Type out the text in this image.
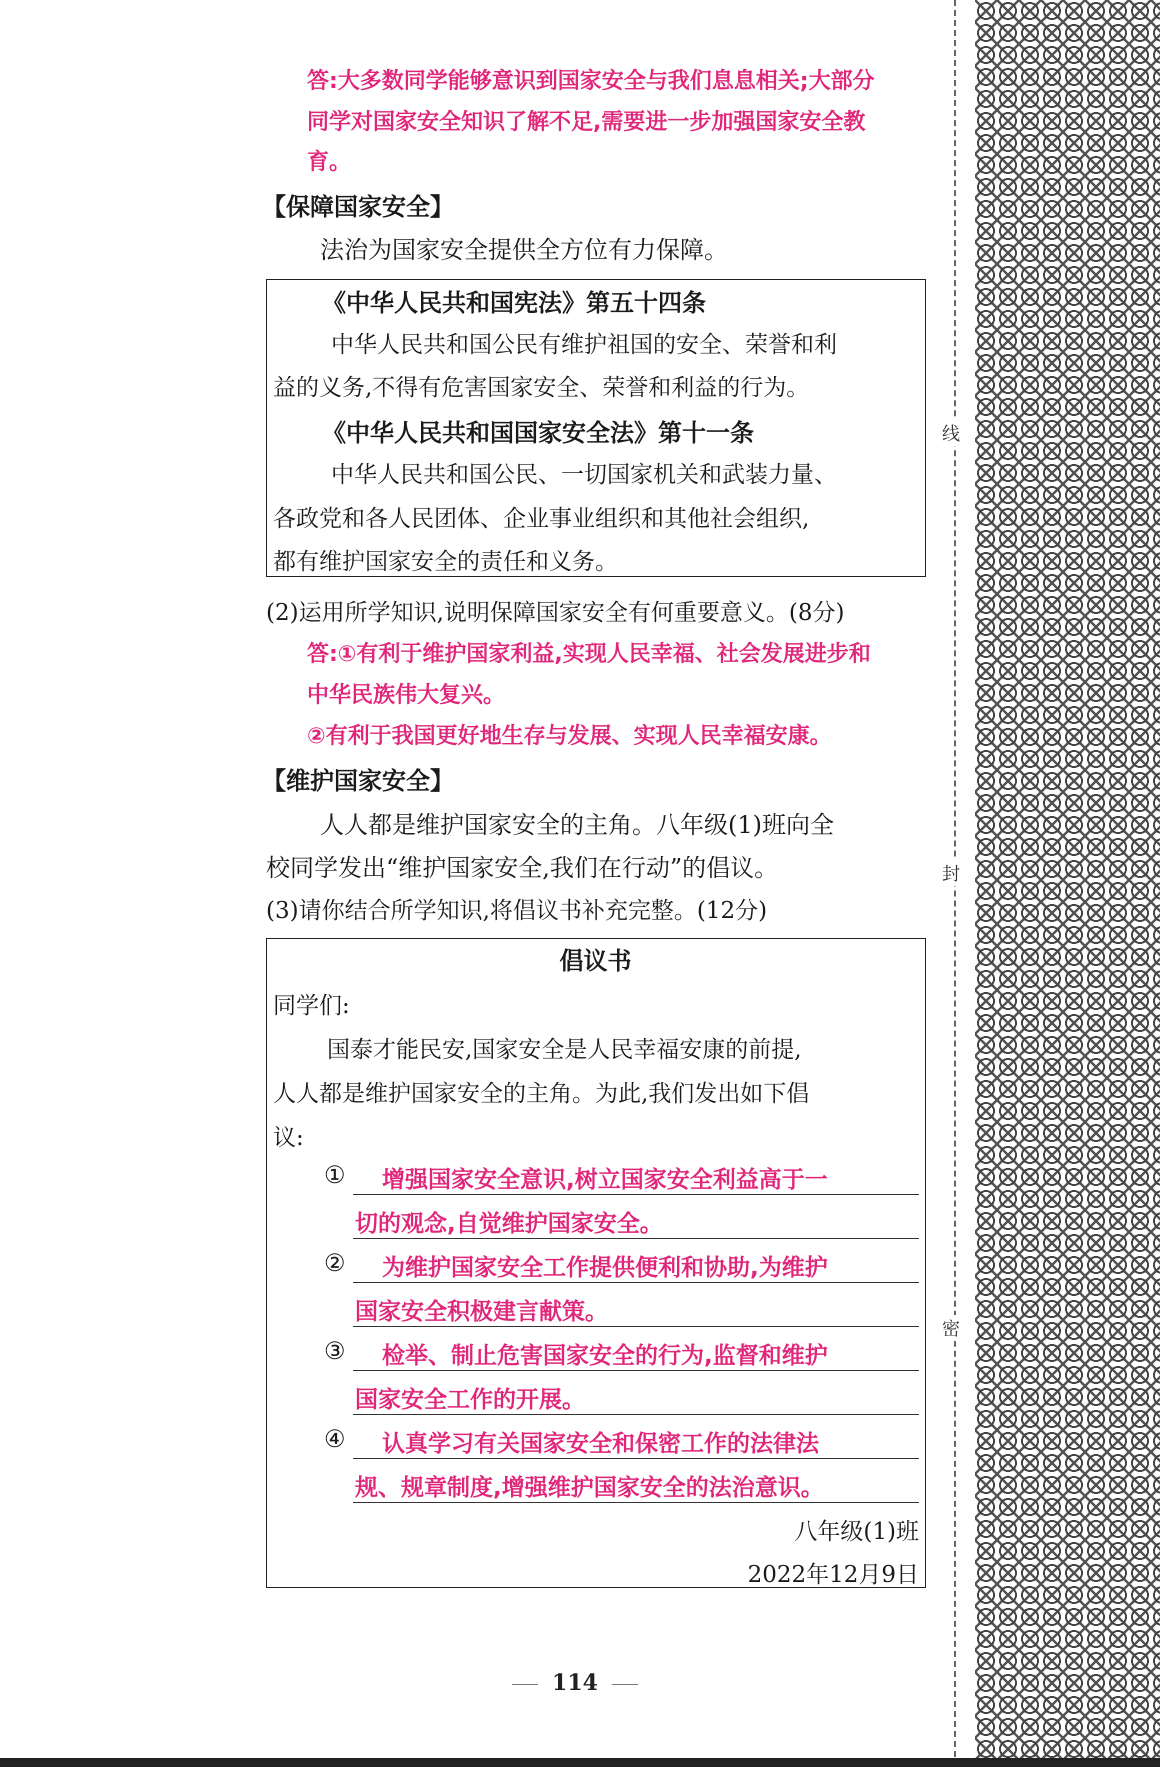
答:大多数同学能够意识到国家安全与我们息息相关;大部分
同学对国家安全知识了解不足,需要进一步加强国家安全教
育。
【保障国家安全】
法治为国家安全提供全方位有力保障。
《中华人民共和国宪法》第五十四条
中华人民共和国公民有维护祖国的安全、荣誉和利
益的义务,不得有危害国家安全、荣誉和利益的行为。
《中华人民共和国国家安全法》第十一条
中华人民共和国公民、一切国家机关和武装力量、
各政党和各人民团体、企业事业组织和其他社会组织,
都有维护国家安全的责任和义务。
(2)运用所学知识,说明保障国家安全有何重要意义。(8分)
答:①有利于维护国家利益,实现人民幸福、社会发展进步和
中华民族伟大复兴。
②有利于我国更好地生存与发展、实现人民幸福安康。
【维护国家安全】
人人都是维护国家安全的主角。八年级(1)班向全
校同学发出“维护国家安全,我们在行动”的倡议。
(3)请你结合所学知识,将倡议书补充完整。(12分)
倡议书
同学们:
国泰才能民安,国家安全是人民幸福安康的前提,
人人都是维护国家安全的主角。为此,我们发出如下倡
议:
① 增强国家安全意识,树立国家安全利益高于一
切的观念,自觉维护国家安全。
② 为维护国家安全工作提供便利和协助,为维护
国家安全积极建言献策。
③ 检举、制止危害国家安全的行为,监督和维护
国家安全工作的开展。
④ 认真学习有关国家安全和保密工作的法律法
规、规章制度,增强维护国家安全的法治意识。
八年级(1)班
2022年12月9日
114
线
封
密
